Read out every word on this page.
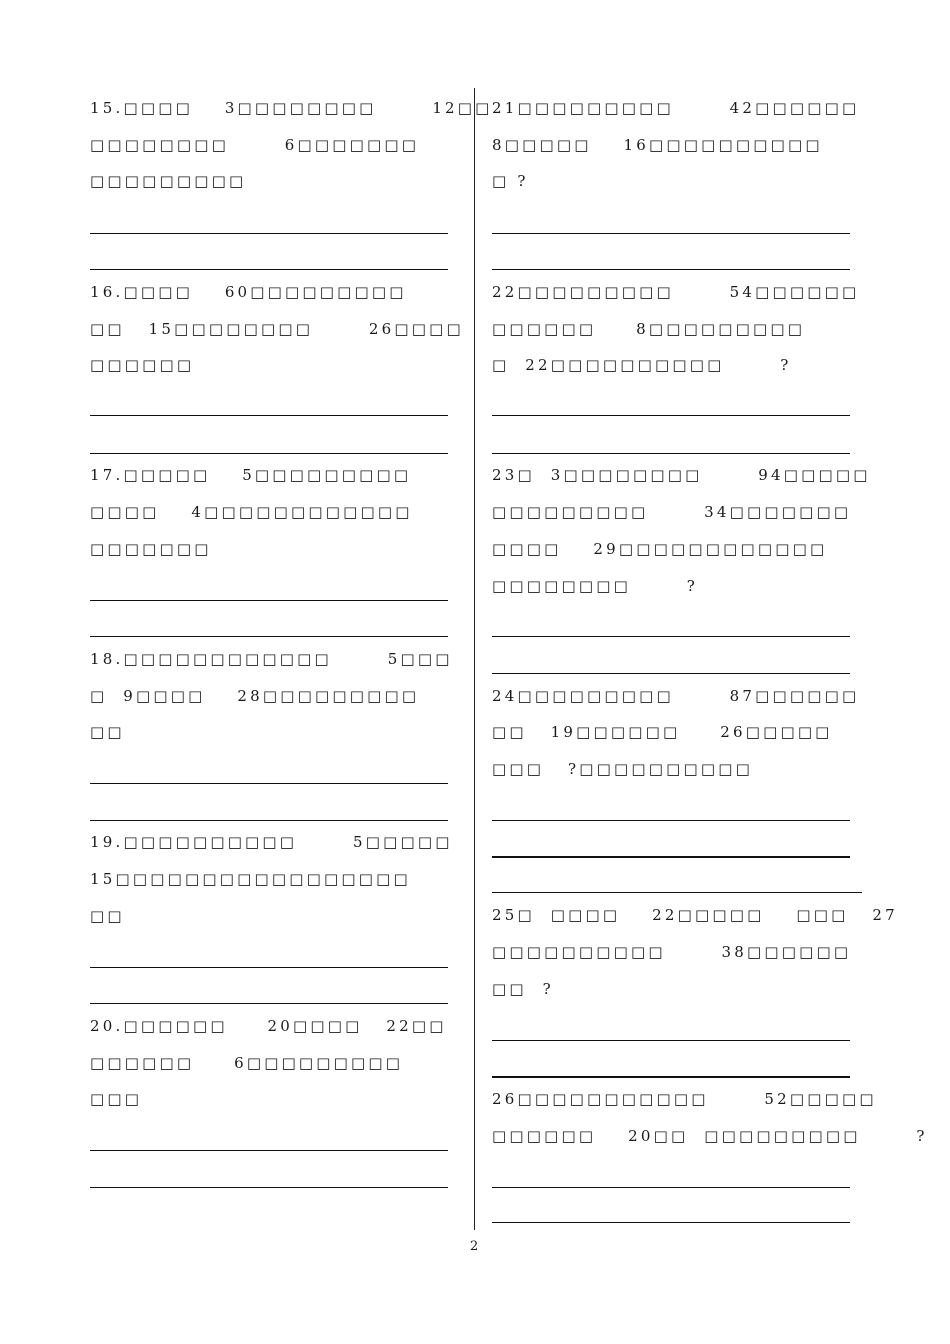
15.□□□□    3□□□□□□□□       12□□
□□□□□□□□       6□□□□□□□
□□□□□□□□□
16.□□□□    60□□□□□□□□□
□□   15□□□□□□□□       26□□□□
□□□□□□
17.□□□□□    5□□□□□□□□□
□□□□    4□□□□□□□□□□□□
□□□□□□□
18.□□□□□□□□□□□□       5□□□
□  9□□□□    28□□□□□□□□□
□□
19.□□□□□□□□□□       5□□□□□
15□□□□□□□□□□□□□□□□□
□□
20.□□□□□□     20□□□□   22□□
□□□□□□     6□□□□□□□□□
□□□
21□□□□□□□□□       42□□□□□□
8□□□□□    16□□□□□□□□□□
□ ?
22□□□□□□□□□       54□□□□□□
□□□□□□     8□□□□□□□□□
□  22□□□□□□□□□□       ?
23□  3□□□□□□□□       94□□□□□
□□□□□□□□□       34□□□□□□□
□□□□    29□□□□□□□□□□□□
□□□□□□□□       ?
24□□□□□□□□□       87□□□□□□
□□   19□□□□□□     26□□□□□
□□□   ?□□□□□□□□□□
25□  □□□□    22□□□□□    □□□   27
□□□□□□□□□□       38□□□□□□
□□  ?
26□□□□□□□□□□□       52□□□□□
□□□□□□    20□□  □□□□□□□□□       ?
2
